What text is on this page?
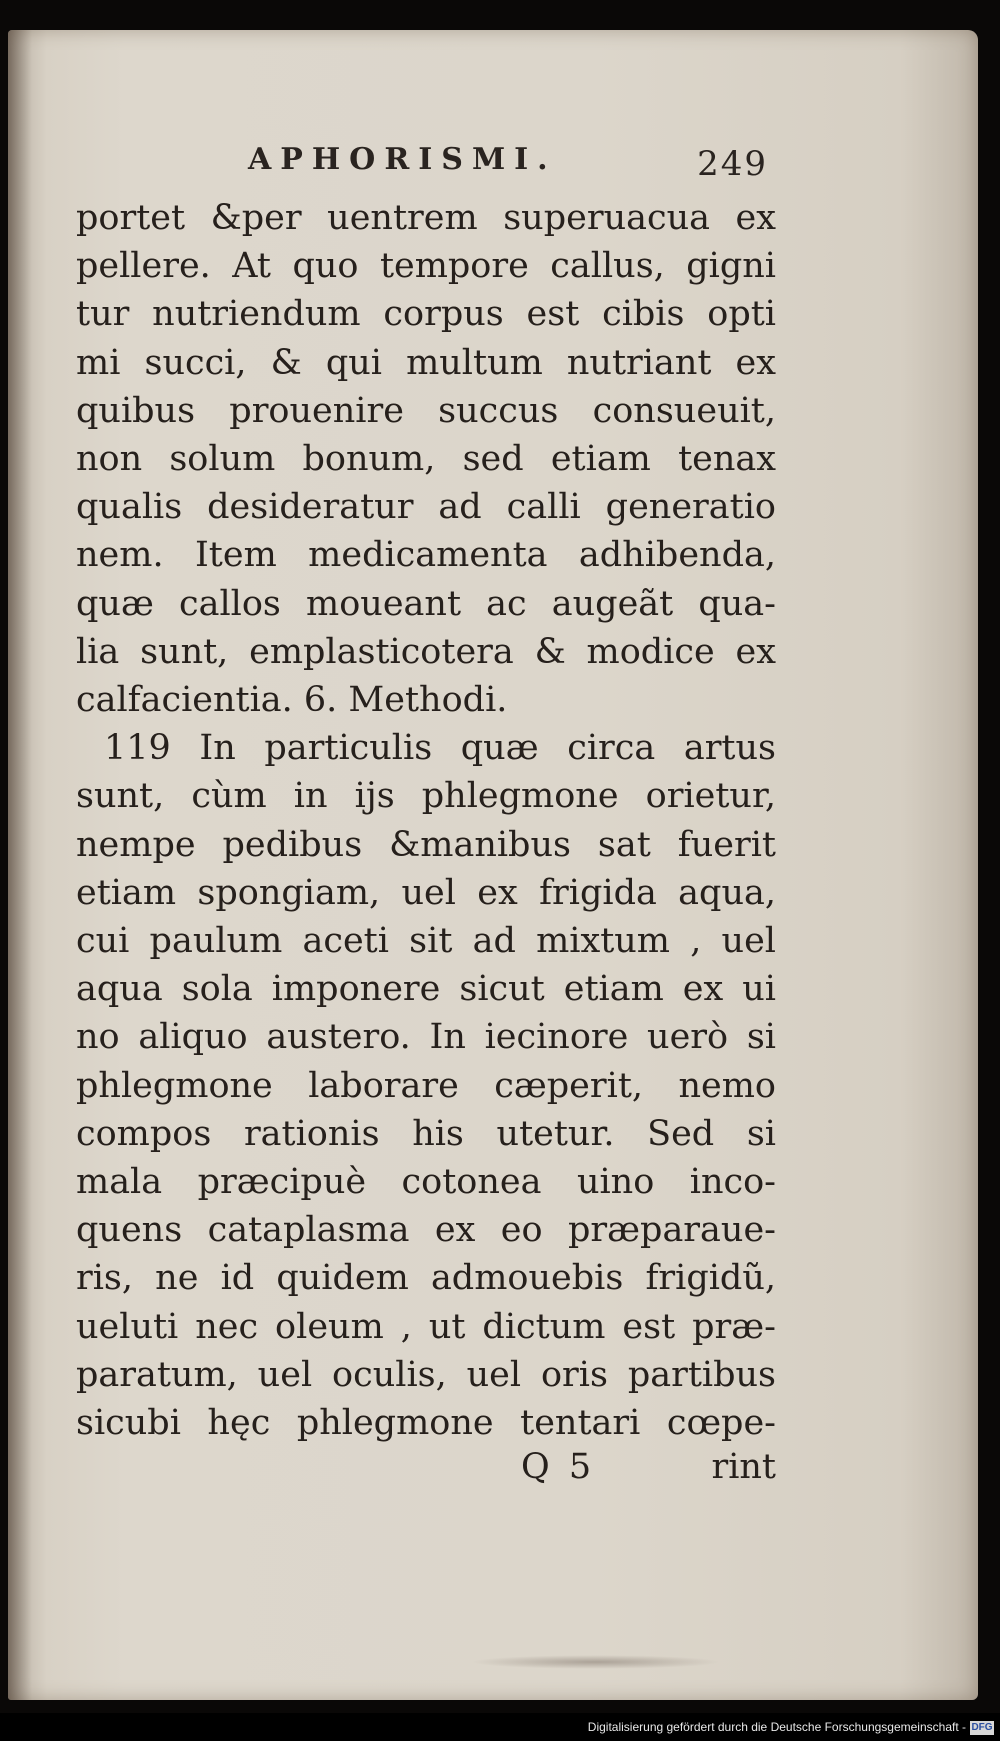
APHORISMI.	249
portet &per uentrem superuacua ex
pellere. At quo tempore callus, gigni
tur nutriendum corpus est cibis opti
mi succi, & qui multum nutriant ex
quibus prouenire succus consueuit,
non solum bonum, sed etiam tenax
qualis desideratur ad calli generatio
nem. Item medicamenta adhibenda,
quæ callos moueant ac augeãt qua-
lia sunt, emplasticotera & modice ex
calfacientia. 6. Methodi.
119 In particulis quæ circa artus
sunt, cùm in ijs phlegmone orietur,
nempe pedibus &manibus sat fuerit
etiam spongiam, uel ex frigida aqua,
cui paulum aceti sit ad mixtum , uel
aqua sola imponere sicut etiam ex ui
no aliquo austero. In iecinore uerò si
phlegmone laborare cæperit, nemo
compos rationis his utetur. Sed si
mala præcipuè cotonea uino inco-
quens cataplasma ex eo præparaue-
ris, ne id quidem admouebis frigidũ,
ueluti nec oleum , ut dictum est præ-
paratum, uel oculis, uel oris partibus
sicubi hęc phlegmone tentari cœpe-
Q 5	rint
Digitalisierung gefördert durch die Deutsche Forschungsgemeinschaft - DFG
